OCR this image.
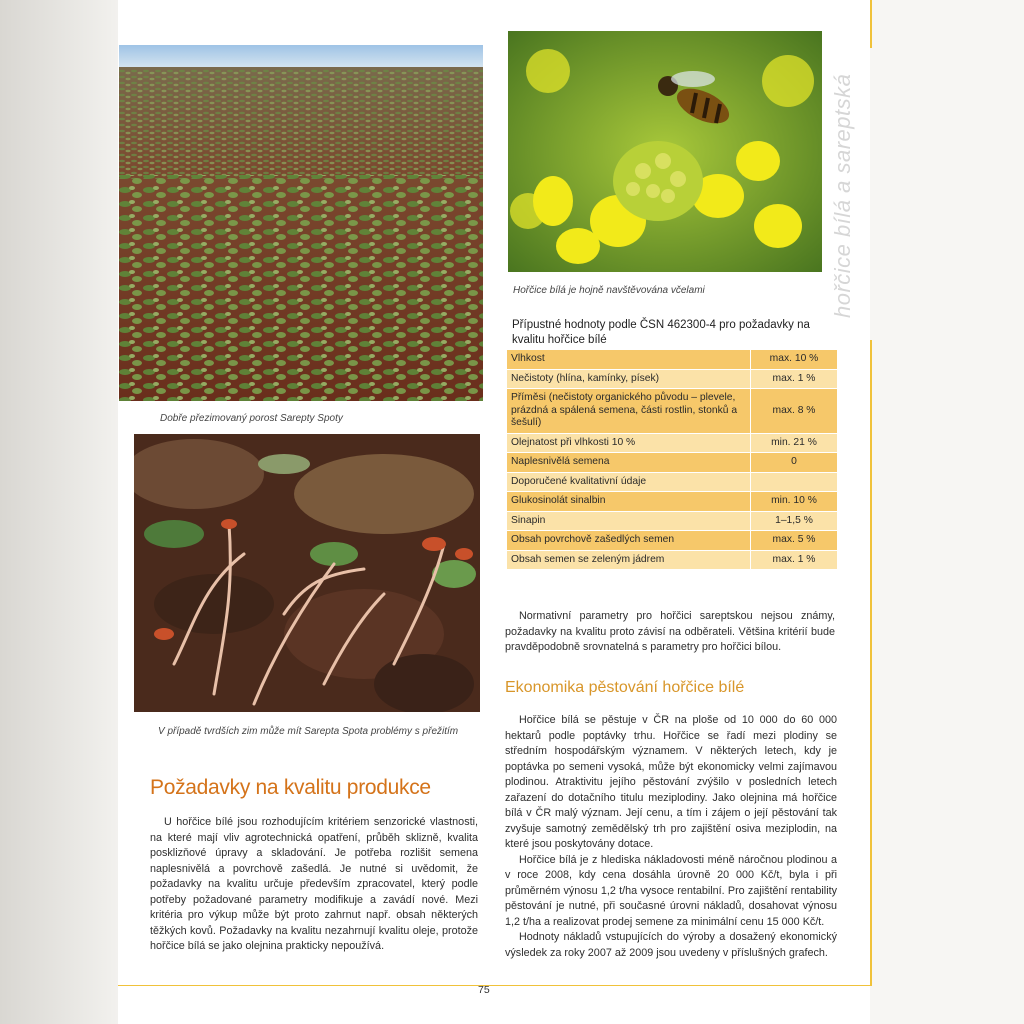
Dobře přezimovaný porost Sarepty Spoty
V případě tvrdších zim může mít Sarepta Spota problémy s přežitím
Hořčice bílá je hojně navštěvována včelami
Přípustné hodnoty podle ČSN 462300-4 pro požadavky na kvalitu hořčice bílé
Vlhkost	max. 10 %
Nečistoty (hlína, kamínky, písek)	max. 1 %
Příměsi (nečistoty organického původu – plevele, prázdná a spálená semena, části rostlin, stonků a šešulí)	max. 8 %
Olejnatost při vlhkosti 10 %	min. 21 %
Naplesnivělá semena	0
Doporučené kvalitativní údaje	
Glukosinolát sinalbin	min. 10 %
Sinapin	1–1,5 %
Obsah povrchově zašedlých semen	max. 5 %
Obsah semen se zeleným jádrem	max. 1 %

Normativní parametry pro hořčici sareptskou nejsou známy, požadavky na kvalitu proto závisí na odběrateli. Většina kritérií bude pravděpodobně srovnatelná s parametry pro hořčici bílou.

Ekonomika pěstování hořčice bílé

Hořčice bílá se pěstuje v ČR na ploše od 10 000 do 60 000 hektarů podle poptávky trhu. Hořčice se řadí mezi plodiny se středním hospodářským významem. V některých letech, kdy je poptávka po semeni vysoká, může být ekonomicky velmi zajímavou plodinou. Atraktivitu jejího pěstování zvýšilo v posledních letech zařazení do dotačního titulu meziplodiny. Jako olejnina má hořčice bílá v ČR malý význam. Její cenu, a tím i zájem o její pěstování tak zvyšuje samotný zemědělský trh pro zajištění osiva meziplodin, na které jsou poskytovány dotace.

Hořčice bílá je z hlediska nákladovosti méně náročnou plodinou a v roce 2008, kdy cena dosáhla úrovně 20 000 Kč/t, byla i při průměrném výnosu 1,2 t/ha vysoce rentabilní. Pro zajištění rentability pěstování je nutné, při současné úrovni nákladů, dosahovat výnosu 1,2 t/ha a realizovat prodej semene za minimální cenu 15 000 Kč/t.

Hodnoty nákladů vstupujících do výroby a dosažený ekonomický výsledek za roky 2007 až 2009 jsou uvedeny v příslušných grafech.

Požadavky na kvalitu produkce

U hořčice bílé jsou rozhodujícím kritériem senzorické vlastnosti, na které mají vliv agrotechnická opatření, průběh sklizně, kvalita posklizňové úpravy a skladování. Je potřeba rozlišit semena naplesnivělá a povrchově zašedlá. Je nutné si uvědomit, že požadavky na kvalitu určuje především zpracovatel, který podle potřeby požadované parametry modifikuje a zavádí nové. Mezi kritéria pro výkup může být proto zahrnut např. obsah některých těžkých kovů. Požadavky na kvalitu nezahrnují kvalitu oleje, protože hořčice bílá se jako olejnina prakticky nepoužívá.

hořčice bílá a sareptská
75
